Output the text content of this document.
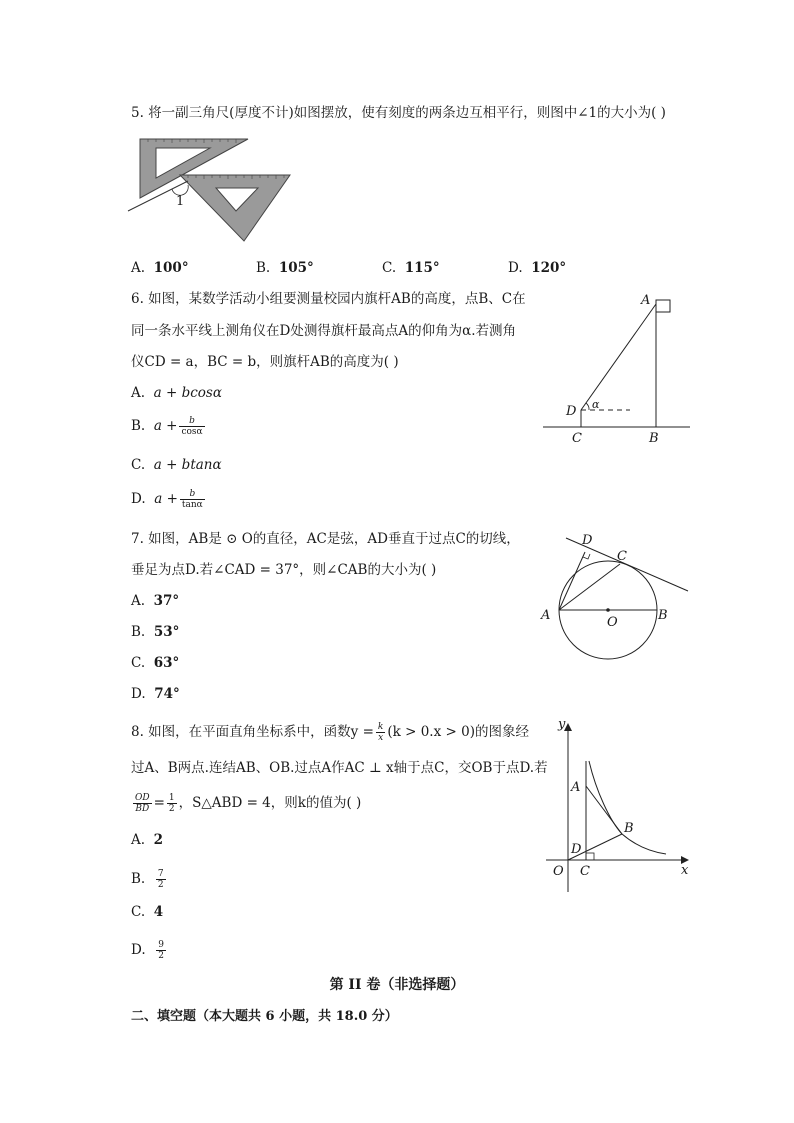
5. 将一副三角尺(厚度不计)如图摆放，使有刻度的两条边互相平行，则图中∠1的大小为( )
1
A. 100°	B. 105°	C. 115°	D. 120°
6. 如图，某数学活动小组要测量校园内旗杆AB的高度，点B、C在
同一条水平线上测角仪在D处测得旗杆最高点A的仰角为α.若测角
仪CD = a，BC = b，则旗杆AB的高度为( )
A. a + bcosα
B. $a + \frac{b}{\cos\alpha}$
C. a + btanα
D. $a + \frac{b}{\tan\alpha}$
A
D α
C	B
7. 如图，AB是 ⊙ O的直径，AC是弦，AD垂直于过点C的切线，
垂足为点D.若∠CAD = 37°，则∠CAB的大小为( )
A. 37°
B. 53°
C. 63°
D. 74°
D
C
A	O	B
8. 如图，在平面直角坐标系中，函数$y = \frac{k}{x} (k > 0.x > 0)$的图象经
过A、B两点.连结AB、OB.过点A作AC ⊥ x轴于点C，交OB于点D.若
$\frac{OD}{BD} = \frac{1}{2}$ ，S△ABD = 4，则k的值为( )
A. 2
B. $\frac{7}{2}$
C. 4
D. $\frac{9}{2}$
y
x
A
B
D
O C
第 II 卷（非选择题）
二、填空题（本大题共 6 小题，共 18.0 分）
